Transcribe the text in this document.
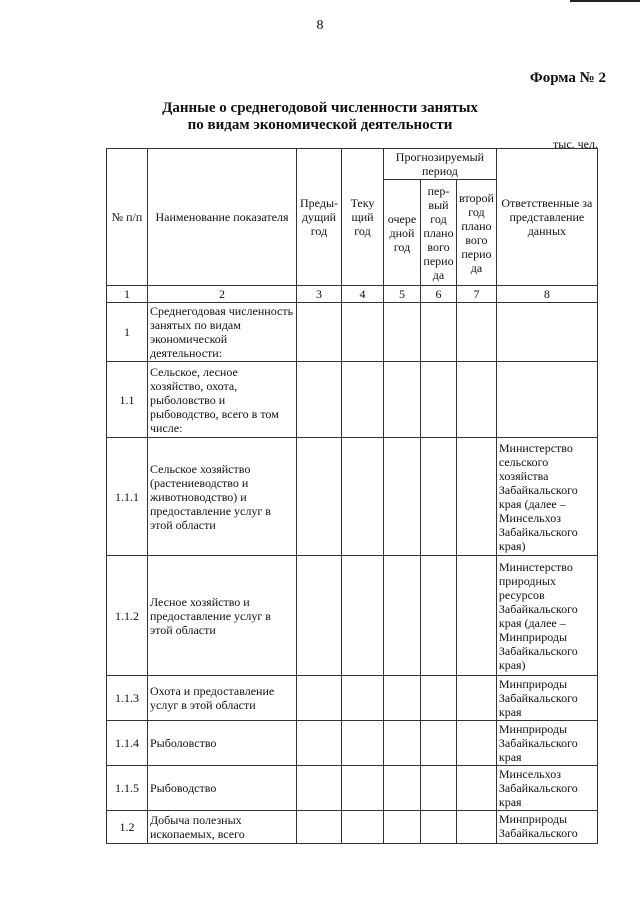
8
Форма № 2
Данные о среднегодовой численности занятых
по видам экономической деятельности
тыс. чел.
№ п/п	Наименование показателя	Преды-дущий год	Теку щий год	Прогнозируемый период			Ответственные за представление данных
				очере дной год	пер-вый год плано вого перио да	второй год плано вого перио да	
1	2	3	4	5	6	7	8
1	Среднегодовая численность занятых по видам экономической деятельности:						
1.1	Сельское, лесное хозяйство, охота, рыболовство и рыбоводство, всего в том числе:						
1.1.1	Сельское хозяйство (растениеводство и животноводство) и предоставление услуг в этой области						Министерство сельского хозяйства Забайкальского края (далее – Минсельхоз Забайкальского края)
1.1.2	Лесное хозяйство и предоставление услуг в этой области						Министерство природных ресурсов Забайкальского края (далее – Минприроды Забайкальского края)
1.1.3	Охота и предоставление услуг в этой области						Минприроды Забайкальского края
1.1.4	Рыболовство						Минприроды Забайкальского края
1.1.5	Рыбоводство						Минсельхоз Забайкальского края
1.2	Добыча полезных ископаемых, всего						Минприроды Забайкальского
